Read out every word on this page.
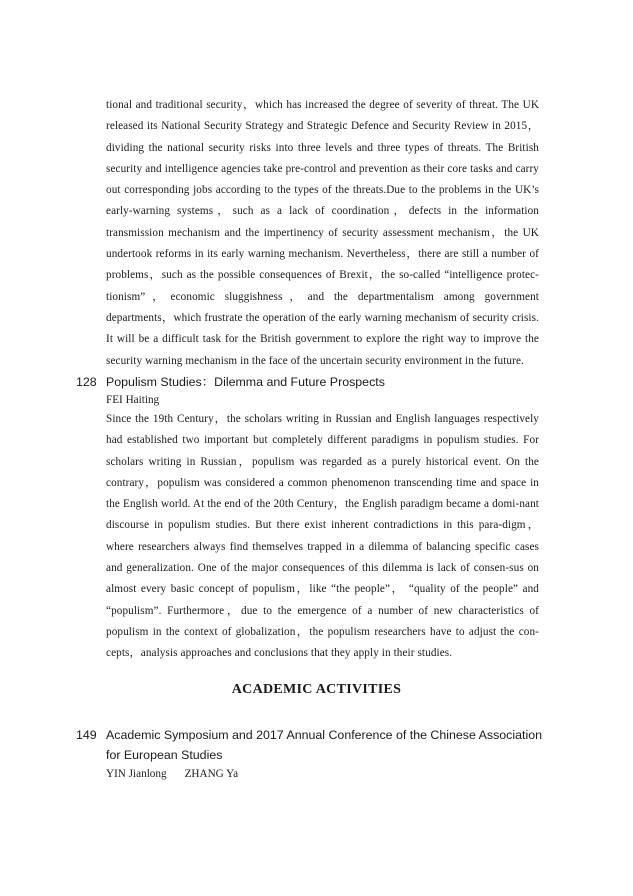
tional and traditional security，which has increased the degree of severity of threat. The UK released its National Security Strategy and Strategic Defence and Security Review in 2015，dividing the national security risks into three levels and three types of threats. The British security and intelligence agencies take pre-control and prevention as their core tasks and carry out corresponding jobs according to the types of the threats.Due to the problems in the UK’s early-warning systems，such as a lack of coordination，defects in the information transmission mechanism and the impertinency of security assessment mechanism，the UK undertook reforms in its early warning mechanism. Nevertheless，there are still a number of problems，such as the possible consequences of Brexit，the so-called “intelligence protec-tionism”，economic sluggishness，and the departmentalism among government departments，which frustrate the operation of the early warning mechanism of security crisis. It will be a difficult task for the British government to explore the right way to improve the security warning mechanism in the face of the uncertain security environment in the future.

128 Populism Studies：Dilemma and Future Prospects

FEI Haiting

Since the 19th Century，the scholars writing in Russian and English languages respectively had established two important but completely different paradigms in populism studies. For scholars writing in Russian，populism was regarded as a purely historical event. On the contrary，populism was considered a common phenomenon transcending time and space in the English world. At the end of the 20th Century，the English paradigm became a domi-nant discourse in populism studies. But there exist inherent contradictions in this para-digm，where researchers always find themselves trapped in a dilemma of balancing specific cases and generalization. One of the major consequences of this dilemma is lack of consen-sus on almost every basic concept of populism，like “the people”， “quality of the people” and “populism”. Furthermore，due to the emergence of a number of new characteristics of populism in the context of globalization，the populism researchers have to adjust the con-cepts，analysis approaches and conclusions that they apply in their studies.

ACADEMIC ACTIVITIES
149 Academic Symposium and 2017 Annual Conference of the Chinese Association
for European Studies

YIN Jianlong ZHANG Ya
